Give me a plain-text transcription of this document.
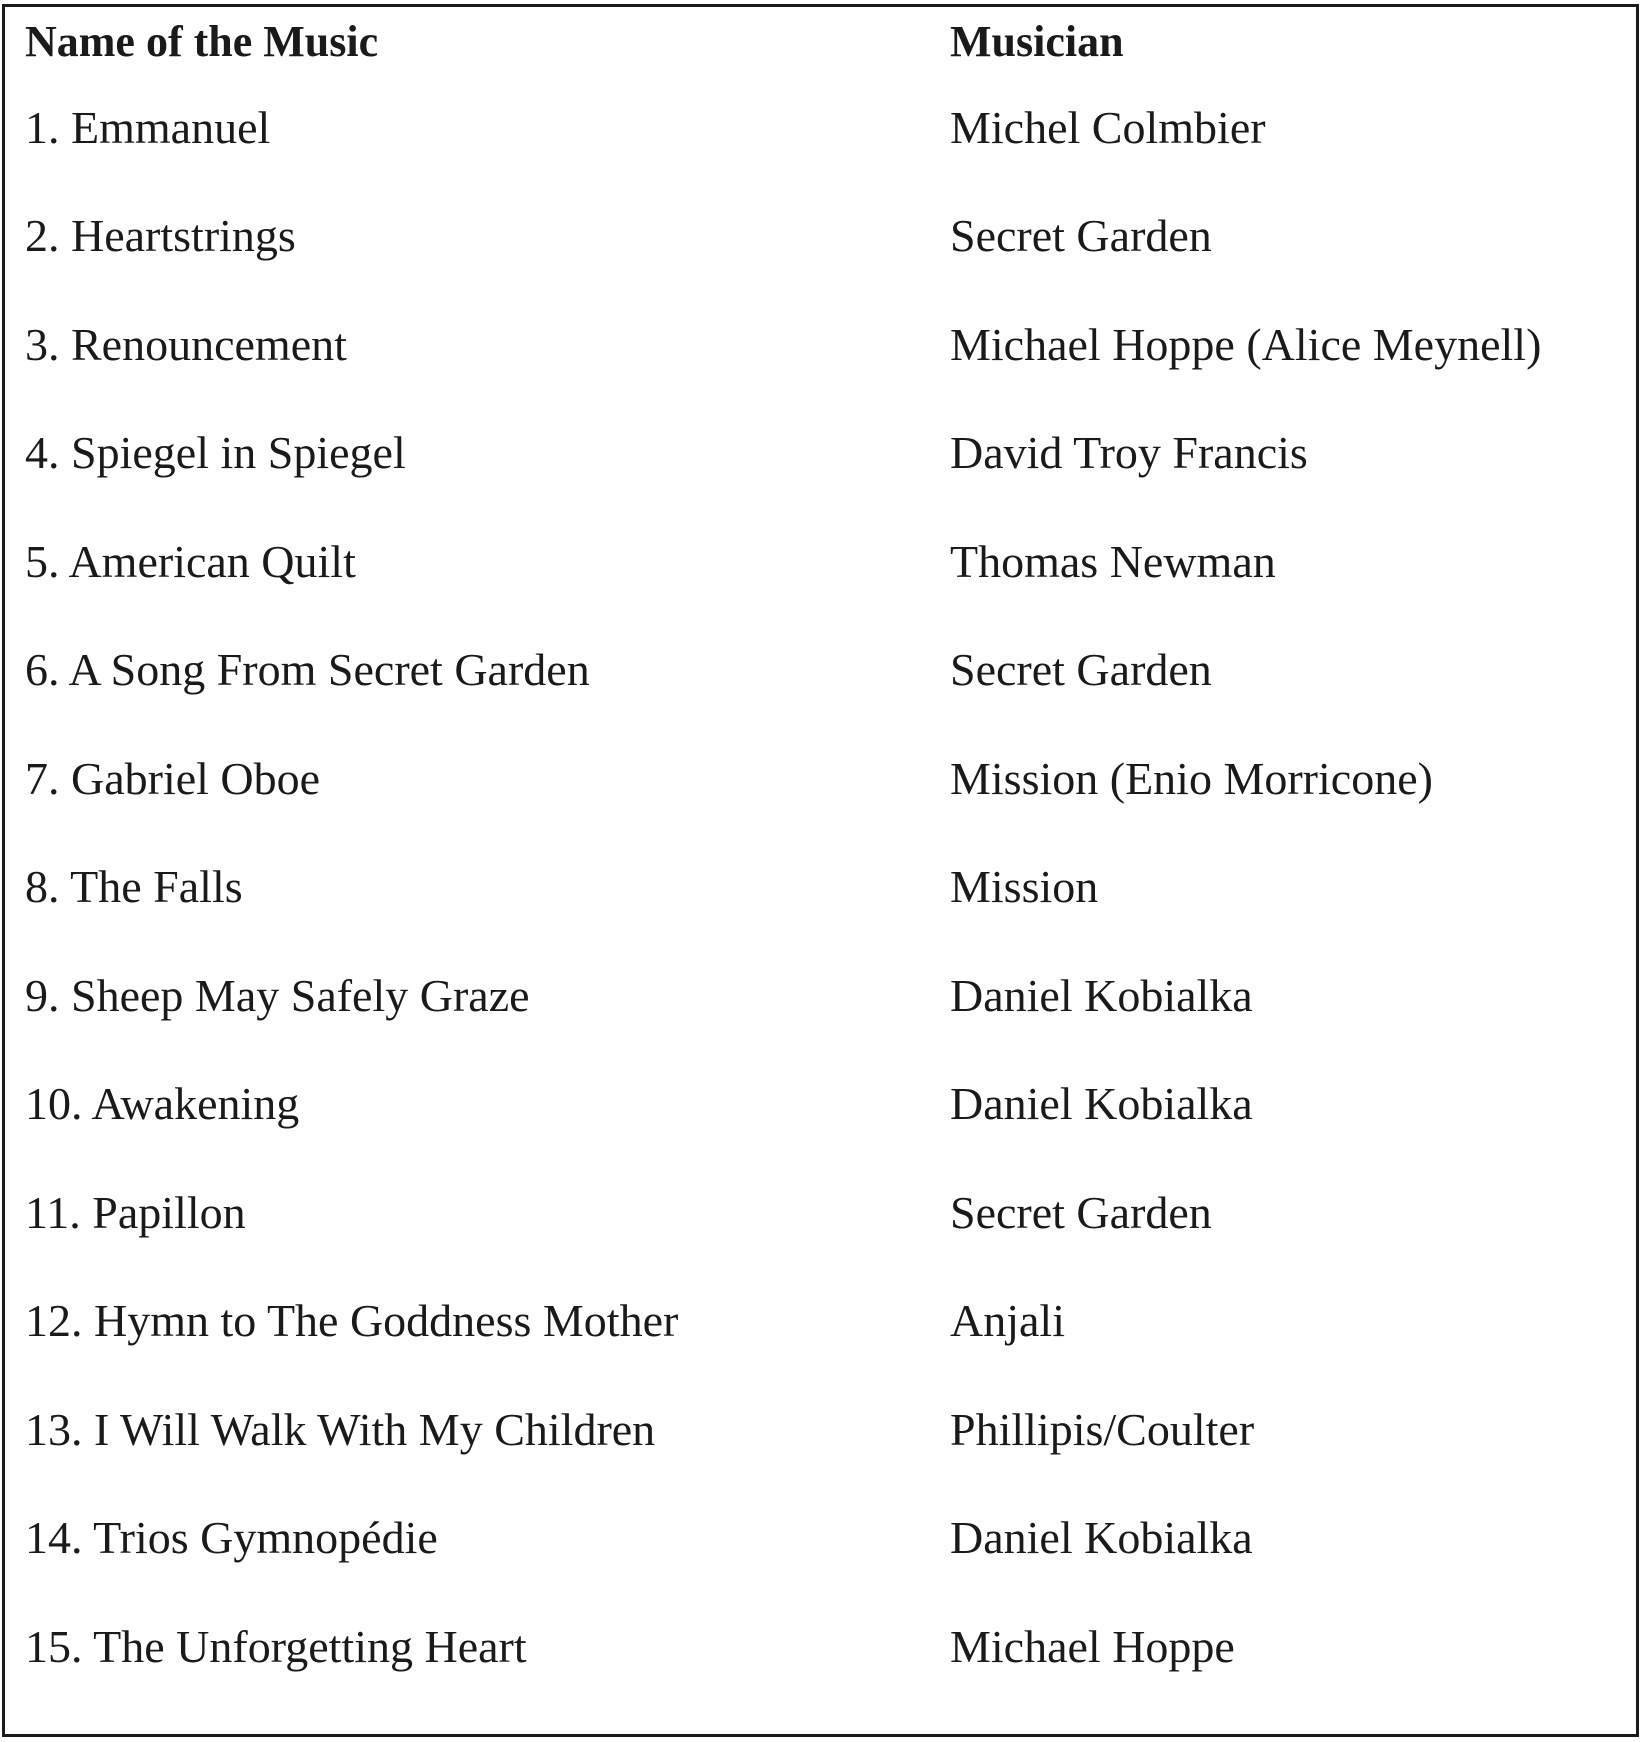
Name of the Music	Musician
1. Emmanuel	Michel Colmbier
2. Heartstrings	Secret Garden
3. Renouncement	Michael Hoppe (Alice Meynell)
4. Spiegel in Spiegel	David Troy Francis
5. American Quilt	Thomas Newman
6. A Song From Secret Garden	Secret Garden
7. Gabriel Oboe	Mission (Enio Morricone)
8. The Falls	Mission
9. Sheep May Safely Graze	Daniel Kobialka
10. Awakening	Daniel Kobialka
11. Papillon	Secret Garden
12. Hymn to The Goddness Mother	Anjali
13. I Will Walk With My Children	Phillipis/Coulter
14. Trios Gymnopédie	Daniel Kobialka
15. The Unforgetting Heart	Michael Hoppe
